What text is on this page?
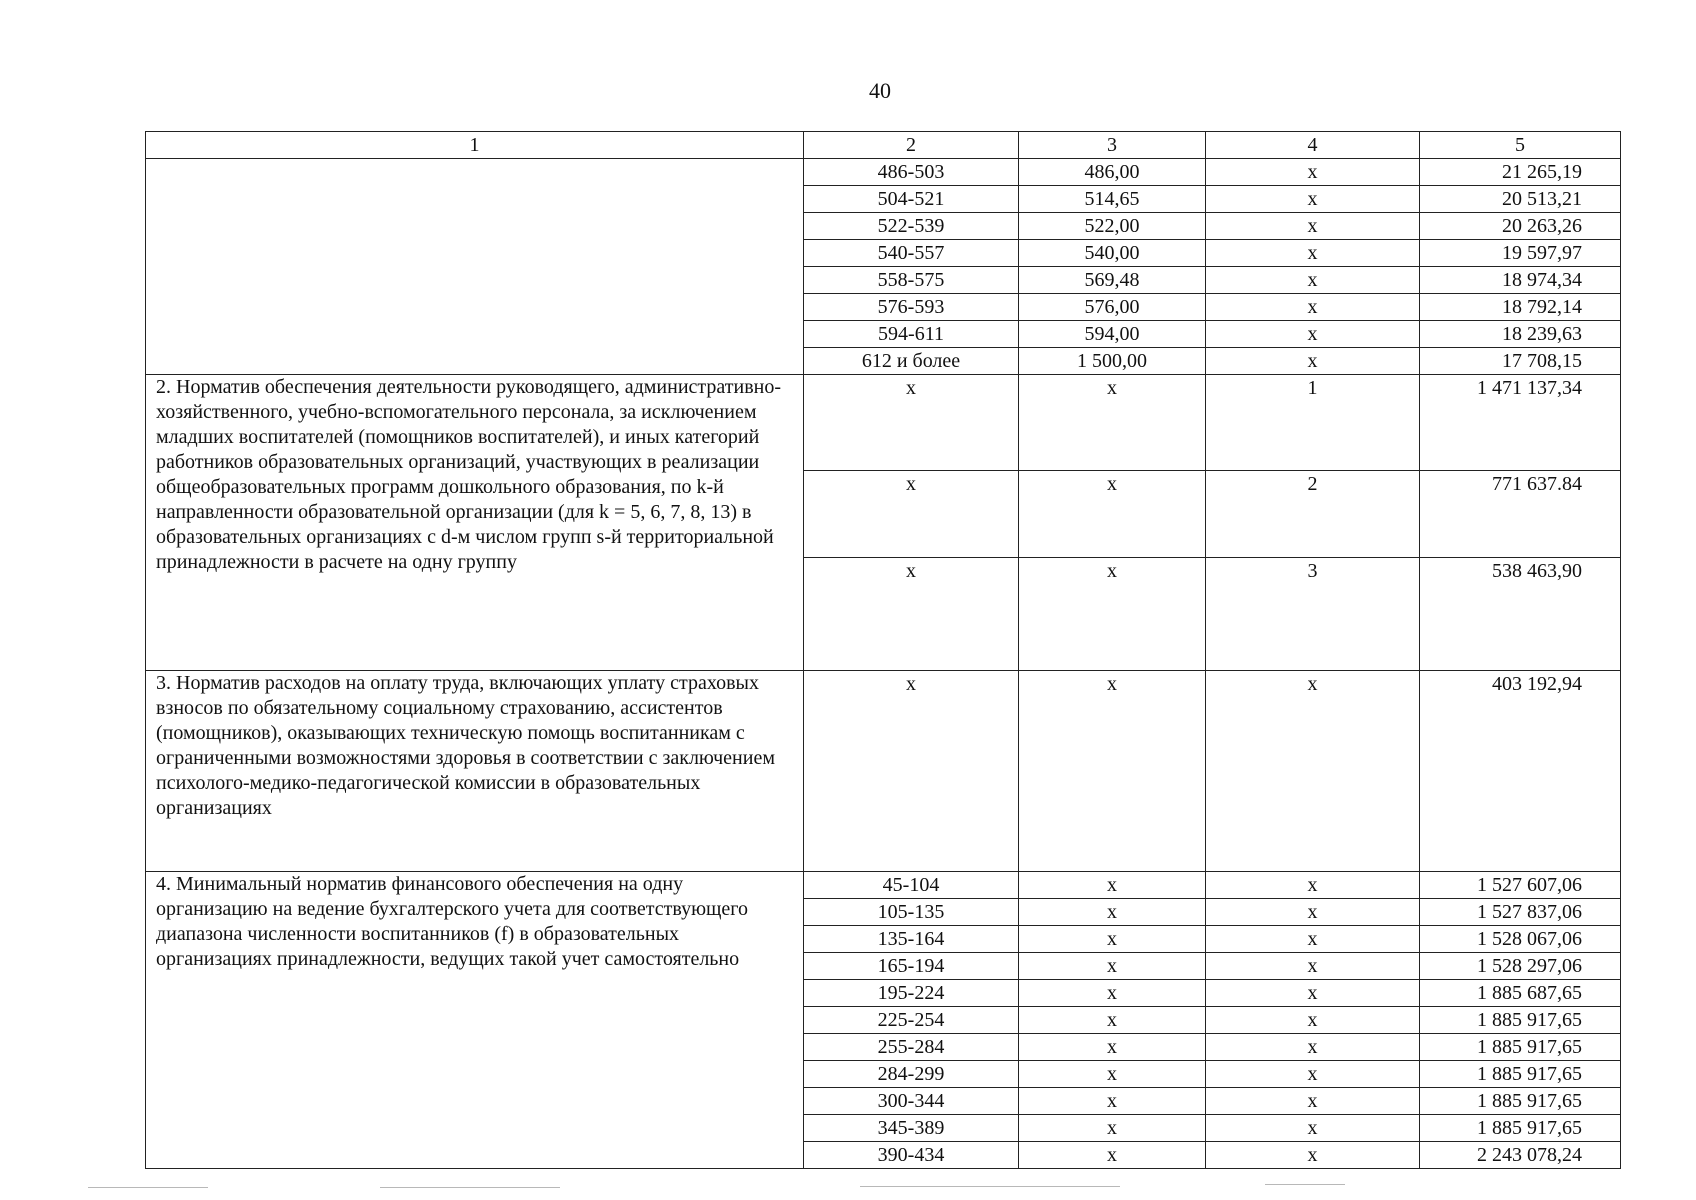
40
1	2	3	4	5
	486-503	486,00	x	21 265,19
	504-521	514,65	x	20 513,21
	522-539	522,00	x	20 263,26
	540-557	540,00	x	19 597,97
	558-575	569,48	x	18 974,34
	576-593	576,00	x	18 792,14
	594-611	594,00	x	18 239,63
	612 и более	1 500,00	x	17 708,15
2. Норматив обеспечения деятельности руководящего, административно-хозяйственного, учебно-вспомогательного персонала, за исключением младших воспитателей (помощников воспитателей), и иных категорий работников образовательных организаций, участвующих в реализации общеобразовательных программ дошкольного образования, по k-й направленности образовательной организации (для k = 5, 6, 7, 8, 13) в образовательных организациях с d-м числом групп s-й территориальной принадлежности в расчете на одну группу	x	x	1	1 471 137,34
	x	x	2	771 637.84
	x	x	3	538 463,90
3. Норматив расходов на оплату труда, включающих уплату страховых взносов по обязательному социальному страхованию, ассистентов (помощников), оказывающих техническую помощь воспитанникам с ограниченными возможностями здоровья в соответствии с заключением психолого-медико-педагогической комиссии в образовательных организациях	x	x	x	403 192,94
4. Минимальный норматив финансового обеспечения на одну организацию на ведение бухгалтерского учета для соответствующего диапазона численности воспитанников (f) в образовательных организациях принадлежности, ведущих такой учет самостоятельно	45-104	x	x	1 527 607,06
	105-135	x	x	1 527 837,06
	135-164	x	x	1 528 067,06
	165-194	x	x	1 528 297,06
	195-224	x	x	1 885 687,65
	225-254	x	x	1 885 917,65
	255-284	x	x	1 885 917,65
	284-299	x	x	1 885 917,65
	300-344	x	x	1 885 917,65
	345-389	x	x	1 885 917,65
	390-434	x	x	2 243 078,24
